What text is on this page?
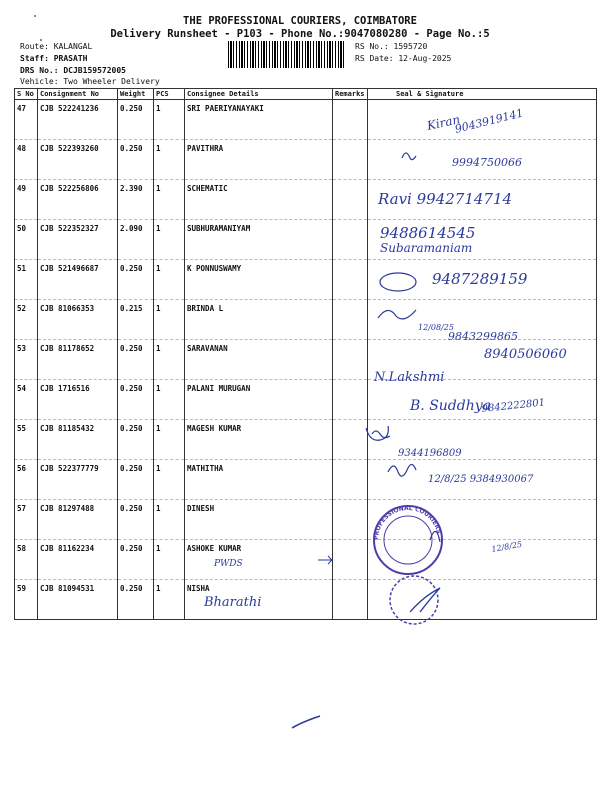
THE PROFESSIONAL COURIERS, COIMBATORE
Delivery Runsheet - P103 - Phone No.:9047080280 - Page No.:5
Route: KALANGAL
Staff: PRASATH
DRS No.: DCJB159572005
Vehicle: Two Wheeler Delivery
RS No.: 1595720
RS Date: 12-Aug-2025
S No	Consignment No	Weight	PCS	Consignee Details	Remarks	Seal & Signature
47	CJB 522241236	0.250	1	SRI PAERIYANAYAKI		
48	CJB 522393260	0.250	1	PAVITHRA		
49	CJB 522256806	2.390	1	SCHEMATIC		
50	CJB 522352327	2.090	1	SUBHURAMANIYAM		
51	CJB 521496687	0.250	1	K PONNUSWAMY		
52	CJB 81066353	0.215	1	BRINDA L		
53	CJB 81178652	0.250	1	SARAVANAN		
54	CJB 1716516	0.250	1	PALANI MURUGAN		
55	CJB 81185432	0.250	1	MAGESH KUMAR		
56	CJB 522377779	0.250	1	MATHITHA		
57	CJB 81297488	0.250	1	DINESH		
58	CJB 81162234	0.250	1	ASHOKE KUMAR		
59	CJB 81094531	0.250	1	NISHA		
Kiran
9043919141
9994750066
Ravi 9942714714
9488614545
Subaramaniam
9487289159
12/08/25
9843299865
8940506060
N.Lakshmi
B. Suddhya
9842222801
9344196809
12/8/25 9384930067
PROFESSIONAL COURIERS
PWDS
12/8/25
Bharathi
